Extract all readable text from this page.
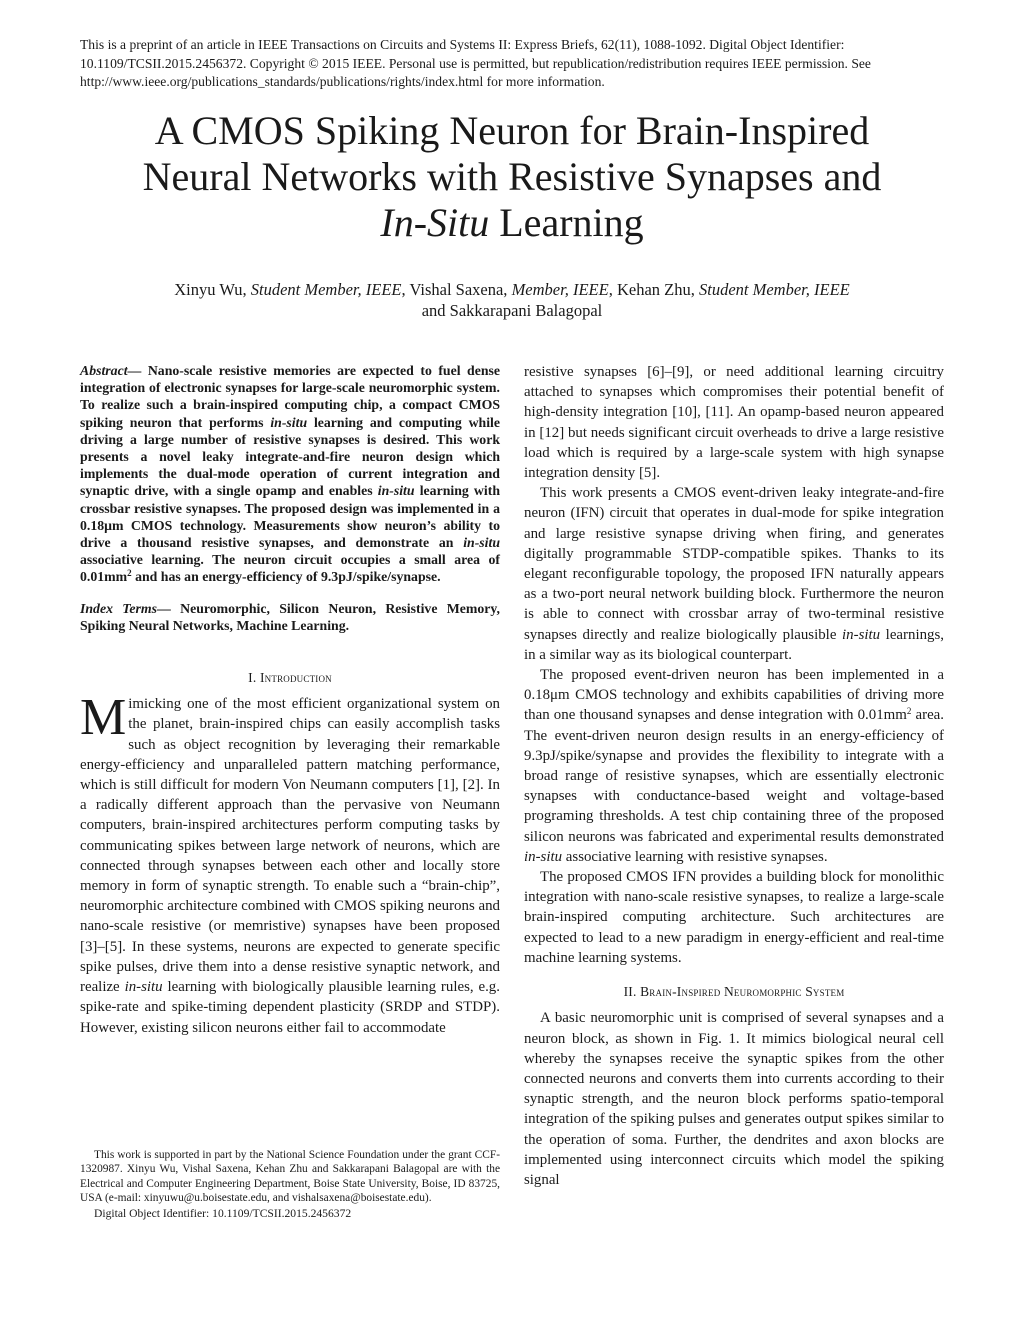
This is a preprint of an article in IEEE Transactions on Circuits and Systems II: Express Briefs, 62(11), 1088-1092. Digital Object Identifier: 10.1109/TCSII.2015.2456372. Copyright © 2015 IEEE. Personal use is permitted, but republication/redistribution requires IEEE permission. See http://www.ieee.org/publications_standards/publications/rights/index.html for more information.
A CMOS Spiking Neuron for Brain-Inspired
Neural Networks with Resistive Synapses and
In-Situ Learning
Xinyu Wu, Student Member, IEEE, Vishal Saxena, Member, IEEE, Kehan Zhu, Student Member, IEEE
and Sakkarapani Balagopal

Abstract— Nano-scale resistive memories are expected to fuel dense integration of electronic synapses for large-scale neuromorphic system. To realize such a brain-inspired computing chip, a compact CMOS spiking neuron that performs in-situ learning and computing while driving a large number of resistive synapses is desired. This work presents a novel leaky integrate-and-fire neuron design which implements the dual-mode operation of current integration and synaptic drive, with a single opamp and enables in-situ learning with crossbar resistive synapses. The proposed design was implemented in a 0.18μm CMOS technology. Measurements show neuron’s ability to drive a thousand resistive synapses, and demonstrate an in-situ associative learning. The neuron circuit occupies a small area of $0.01mm^2$ and has an energy-efficiency of 9.3pJ/spike/synapse.

Index Terms— Neuromorphic, Silicon Neuron, Resistive Memory, Spiking Neural Networks, Machine Learning.

I. Introduction

Mimicking one of the most efficient organizational system on the planet, brain-inspired chips can easily accomplish tasks such as object recognition by leveraging their remarkable energy-efficiency and unparalleled pattern matching performance, which is still difficult for modern Von Neumann computers [1], [2]. In a radically different approach than the pervasive von Neumann computers, brain-inspired architectures perform computing tasks by communicating spikes between large network of neurons, which are connected through synapses between each other and locally store memory in form of synaptic strength. To enable such a “brain-chip”, neuromorphic architecture combined with CMOS spiking neurons and nano-scale resistive (or memristive) synapses have been proposed [3]–[5]. In these systems, neurons are expected to generate specific spike pulses, drive them into a dense resistive synaptic network, and realize in-situ learning with biologically plausible learning rules, e.g. spike-rate and spike-timing dependent plasticity (SRDP and STDP). However, existing silicon neurons either fail to accommodate

resistive synapses [6]–[9], or need additional learning circuitry attached to synapses which compromises their potential benefit of high-density integration [10], [11]. An opamp-based neuron appeared in [12] but needs significant circuit overheads to drive a large resistive load which is required by a large-scale system with high synapse integration density [5].

This work presents a CMOS event-driven leaky integrate-and-fire neuron (IFN) circuit that operates in dual-mode for spike integration and large resistive synapse driving when firing, and generates digitally programmable STDP-compatible spikes. Thanks to its elegant reconfigurable topology, the proposed IFN naturally appears as a two-port neural network building block. Furthermore the neuron is able to connect with crossbar array of two-terminal resistive synapses directly and realize biologically plausible in-situ learnings, in a similar way as its biological counterpart.

The proposed event-driven neuron has been implemented in a 0.18μm CMOS technology and exhibits capabilities of driving more than one thousand synapses and dense integration with $0.01mm^2$ area. The event-driven neuron design results in an energy-efficiency of 9.3pJ/spike/synapse and provides the flexibility to integrate with a broad range of resistive synapses, which are essentially electronic synapses with conductance-based weight and voltage-based programing thresholds. A test chip containing three of the proposed silicon neurons was fabricated and experimental results demonstrated in-situ associative learning with resistive synapses.

The proposed CMOS IFN provides a building block for monolithic integration with nano-scale resistive synapses, to realize a large-scale brain-inspired computing architecture. Such architectures are expected to lead to a new paradigm in energy-efficient and real-time machine learning systems.

II. Brain-Inspired Neuromorphic System

A basic neuromorphic unit is comprised of several synapses and a neuron block, as shown in Fig. 1. It mimics biological neural cell whereby the synapses receive the synaptic spikes from the other connected neurons and converts them into currents according to their synaptic strength, and the neuron block performs spatio-temporal integration of the spiking pulses and generates output spikes similar to the operation of soma. Further, the dendrites and axon blocks are implemented using interconnect circuits which model the spiking signal

This work is supported in part by the National Science Foundation under the grant CCF-1320987. Xinyu Wu, Vishal Saxena, Kehan Zhu and Sakkarapani Balagopal are with the Electrical and Computer Engineering Department, Boise State University, Boise, ID 83725, USA (e-mail: xinyuwu@u.boisestate.edu, and vishalsaxena@boisestate.edu).

Digital Object Identifier: 10.1109/TCSII.2015.2456372
